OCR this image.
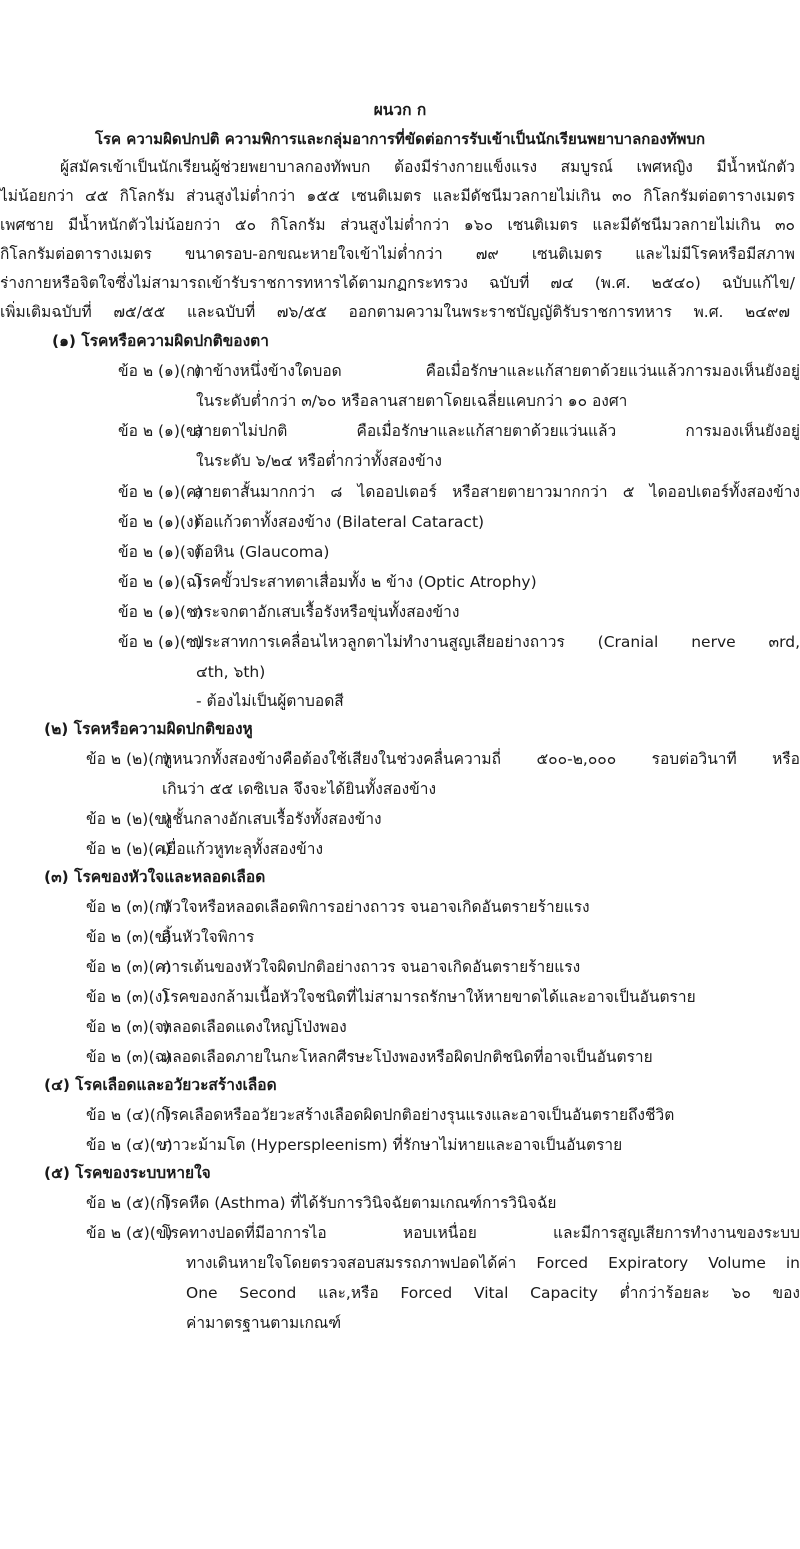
ผนวก ก
โรค ความผิดปกปติ ความพิการและกลุ่มอาการที่ขัดต่อการรับเข้าเป็นนักเรียนพยาบาลกองทัพบก
ผู้สมัครเข้าเป็นนักเรียนผู้ช่วยพยาบาลกองทัพบก ต้องมีร่างกายแข็งแรง สมบูรณ์ เพศหญิง มีน้ำหนักตัว
ไม่น้อยกว่า ๔๕ กิโลกรัม ส่วนสูงไม่ต่ำกว่า ๑๕๕ เซนติเมตร และมีดัชนีมวลกายไม่เกิน ๓๐ กิโลกรัมต่อตารางเมตร
เพศชาย มีน้ำหนักตัวไม่น้อยกว่า ๕๐ กิโลกรัม ส่วนสูงไม่ต่ำกว่า ๑๖๐ เซนติเมตร และมีดัชนีมวลกายไม่เกิน ๓๐
กิโลกรัมต่อตารางเมตร ขนาดรอบ-อกขณะหายใจเข้าไม่ต่ำกว่า ๗๙ เซนติเมตร และไม่มีโรคหรือมีสภาพ
ร่างกายหรือจิตใจซึ่งไม่สามารถเข้ารับราชการทหารได้ตามกฏกระทรวง ฉบับที่ ๗๔ (พ.ศ. ๒๕๔๐) ฉบับแก้ไข/
เพิ่มเติมฉบับที่ ๗๕/๕๕ และฉบับที่ ๗๖/๕๕ ออกตามความในพระราชบัญญัติรับราชการทหาร พ.ศ. ๒๔๙๗
(๑) โรคหรือความผิดปกติของตา
ข้อ ๒ (๑)(ก)
ตาข้างหนึ่งข้างใดบอด คือเมื่อรักษาและแก้สายตาด้วยแว่นแล้วการมองเห็นยังอยู่
ในระดับต่ำกว่า ๓/๖๐ หรือลานสายตาโดยเฉลี่ยแคบกว่า ๑๐ องศา
ข้อ ๒ (๑)(ข)
สายตาไม่ปกติ คือเมื่อรักษาและแก้สายตาด้วยแว่นแล้ว การมองเห็นยังอยู่
ในระดับ ๖/๒๔ หรือต่ำกว่าทั้งสองข้าง
ข้อ ๒ (๑)(ค)
สายตาสั้นมากกว่า ๘ ไดออปเตอร์ หรือสายตายาวมากกว่า ๕ ไดออปเตอร์ทั้งสองข้าง
ข้อ ๒ (๑)(ง)
ต้อแก้วตาทั้งสองข้าง (Bilateral Cataract)
ข้อ ๒ (๑)(จ)
ต้อหิน (Glaucoma)
ข้อ ๒ (๑)(ฉ)
โรคขั้วประสาทตาเสื่อมทั้ง ๒ ข้าง (Optic Atrophy)
ข้อ ๒ (๑)(ช)
กระจกตาอักเสบเรื้อรังหรือขุ่นทั้งสองข้าง
ข้อ ๒ (๑)(ซ)
ประสาทการเคลื่อนไหวลูกตาไม่ทำงานสูญเสียอย่างถาวร (Cranial nerve ๓rd,
๔th, ๖th)
- ต้องไม่เป็นผู้ตาบอดสี
(๒) โรคหรือความผิดปกติของหู
ข้อ ๒ (๒)(ก)
หูหนวกทั้งสองข้างคือต้องใช้เสียงในช่วงคลื่นความถี่ ๕๐๐-๒,๐๐๐ รอบต่อวินาที หรือ
เกินว่า ๕๕ เดซิเบล จึงจะได้ยินทั้งสองข้าง
ข้อ ๒ (๒)(ข)
หูชั้นกลางอักเสบเรื้อรังทั้งสองข้าง
ข้อ ๒ (๒)(ค)
เยื่อแก้วหูทะลุทั้งสองข้าง
(๓) โรคของหัวใจและหลอดเลือด
ข้อ ๒ (๓)(ก)
หัวใจหรือหลอดเลือดพิการอย่างถาวร จนอาจเกิดอันตรายร้ายแรง
ข้อ ๒ (๓)(ข)
ลิ้นหัวใจพิการ
ข้อ ๒ (๓)(ค)
การเต้นของหัวใจผิดปกติอย่างถาวร จนอาจเกิดอันตรายร้ายแรง
ข้อ ๒ (๓)(ง)
โรคของกล้ามเนื้อหัวใจชนิดที่ไม่สามารถรักษาให้หายขาดได้และอาจเป็นอันตราย
ข้อ ๒ (๓)(จ)
หลอดเลือดแดงใหญ่โป่งพอง
ข้อ ๒ (๓)(ฉ)
หลอดเลือดภายในกะโหลกศีรษะโป่งพองหรือผิดปกติชนิดที่อาจเป็นอันตราย
(๔) โรคเลือดและอวัยวะสร้างเลือด
ข้อ ๒ (๔)(ก)
โรคเลือดหรืออวัยวะสร้างเลือดผิดปกติอย่างรุนแรงและอาจเป็นอันตรายถึงชีวิต
ข้อ ๒ (๔)(ข)
ภาวะม้ามโต (Hyperspleenism) ที่รักษาไม่หายและอาจเป็นอันตราย
(๕) โรคของระบบหายใจ
ข้อ ๒ (๕)(ก)
โรคหืด (Asthma) ที่ได้รับการวินิจฉัยตามเกณฑ์การวินิจฉัย
ข้อ ๒ (๕)(ข)
โรคทางปอดที่มีอาการไอ หอบเหนื่อย และมีการสูญเสียการทำงานของระบบ
ทางเดินหายใจโดยตรวจสอบสมรรถภาพปอดได้ค่า Forced Expiratory Volume in
One Second และ,หรือ Forced Vital Capacity ต่ำกว่าร้อยละ ๖๐ ของ
ค่ามาตรฐานตามเกณฑ์
